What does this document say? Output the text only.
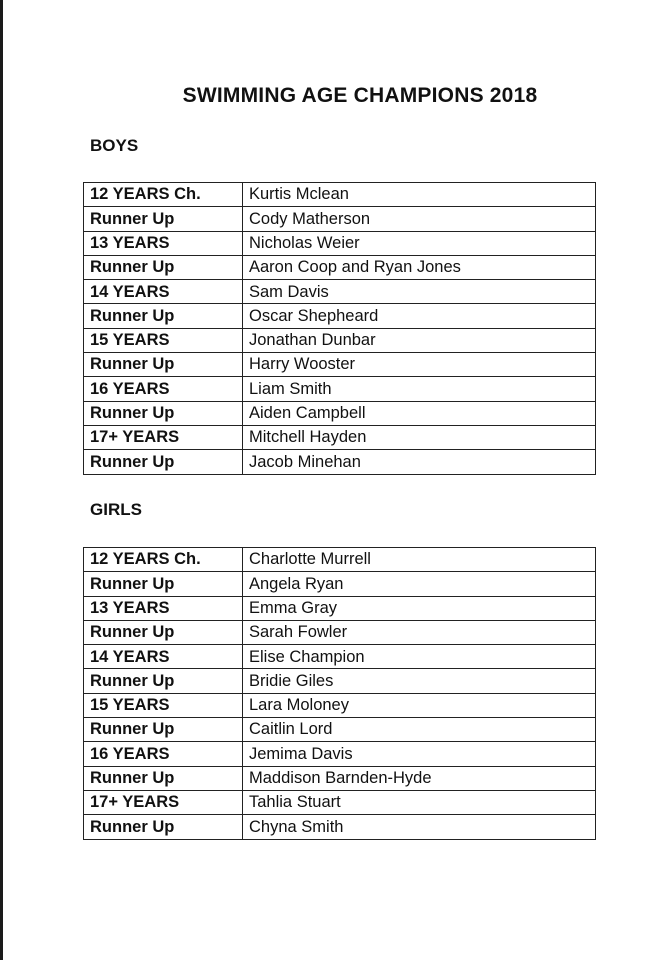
SWIMMING AGE CHAMPIONS 2018
BOYS
12 YEARS Ch.	Kurtis Mclean
Runner Up	Cody Matherson
13 YEARS	Nicholas Weier
Runner Up	Aaron Coop and Ryan Jones
14 YEARS	Sam Davis
Runner Up	Oscar Shepheard
15 YEARS	Jonathan Dunbar
Runner Up	Harry Wooster
16 YEARS	Liam Smith
Runner Up	Aiden Campbell
17+ YEARS	Mitchell Hayden
Runner Up	Jacob Minehan
GIRLS
12 YEARS Ch.	Charlotte Murrell
Runner Up	Angela Ryan
13 YEARS	Emma Gray
Runner Up	Sarah Fowler
14 YEARS	Elise Champion
Runner Up	Bridie Giles
15 YEARS	Lara Moloney
Runner Up	Caitlin Lord
16 YEARS	Jemima Davis
Runner Up	Maddison Barnden-Hyde
17+ YEARS	Tahlia Stuart
Runner Up	Chyna Smith
